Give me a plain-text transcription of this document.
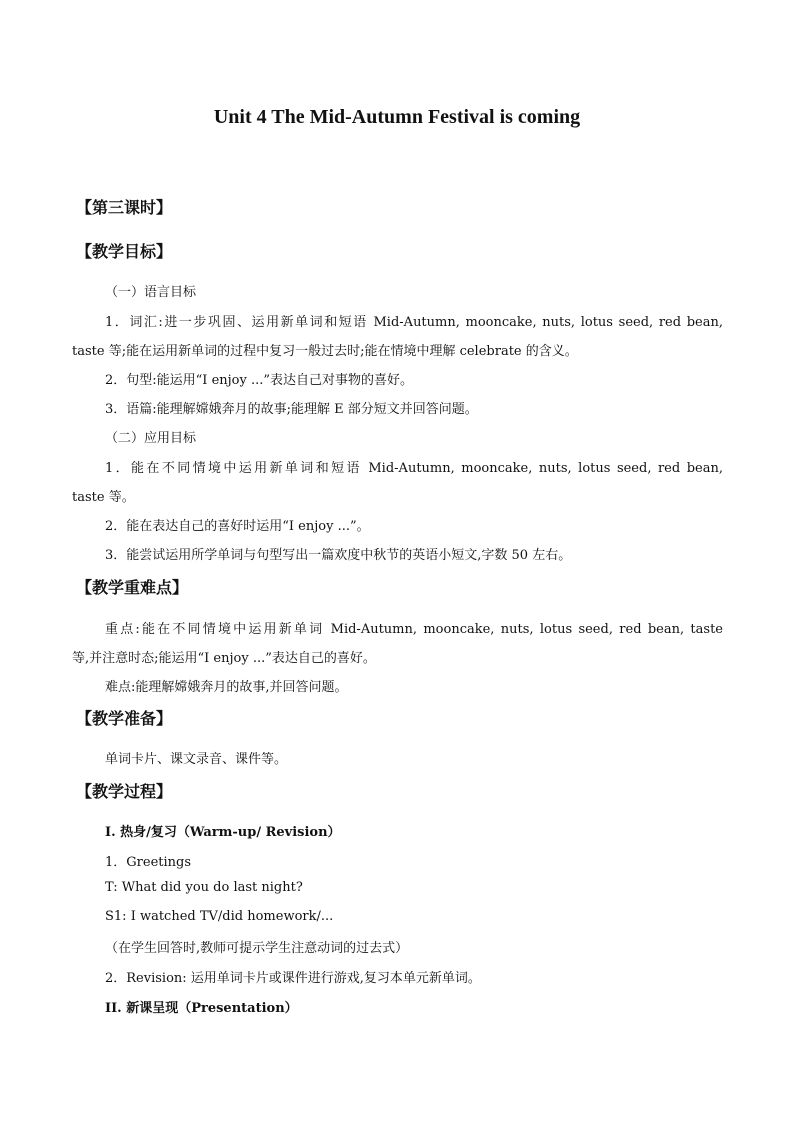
Unit 4 The Mid-Autumn Festival is coming
【第三课时】
【教学目标】
（一）语言目标
1．词汇:进一步巩固、运用新单词和短语 Mid-Autumn, mooncake, nuts, lotus seed, red bean,
taste 等;能在运用新单词的过程中复习一般过去时;能在情境中理解 celebrate 的含义。
2．句型:能运用“I enjoy ...”表达自己对事物的喜好。
3．语篇:能理解嫦娥奔月的故事;能理解 E 部分短文并回答问题。
（二）应用目标
1．能在不同情境中运用新单词和短语 Mid-Autumn, mooncake, nuts, lotus seed, red bean,
taste 等。
2．能在表达自己的喜好时运用“I enjoy ...”。
3．能尝试运用所学单词与句型写出一篇欢度中秋节的英语小短文,字数 50 左右。
【教学重难点】
重点:能在不同情境中运用新单词 Mid-Autumn, mooncake, nuts, lotus seed, red bean, taste
等,并注意时态;能运用“I enjoy ...”表达自己的喜好。
难点:能理解嫦娥奔月的故事,并回答问题。
【教学准备】
单词卡片、课文录音、课件等。
【教学过程】
I. 热身/复习（Warm-up/ Revision）
1．Greetings
T: What did you do last night?
S1: I watched TV/did homework/...
（在学生回答时,教师可提示学生注意动词的过去式）
2．Revision: 运用单词卡片或课件进行游戏,复习本单元新单词。
II. 新课呈现（Presentation）
